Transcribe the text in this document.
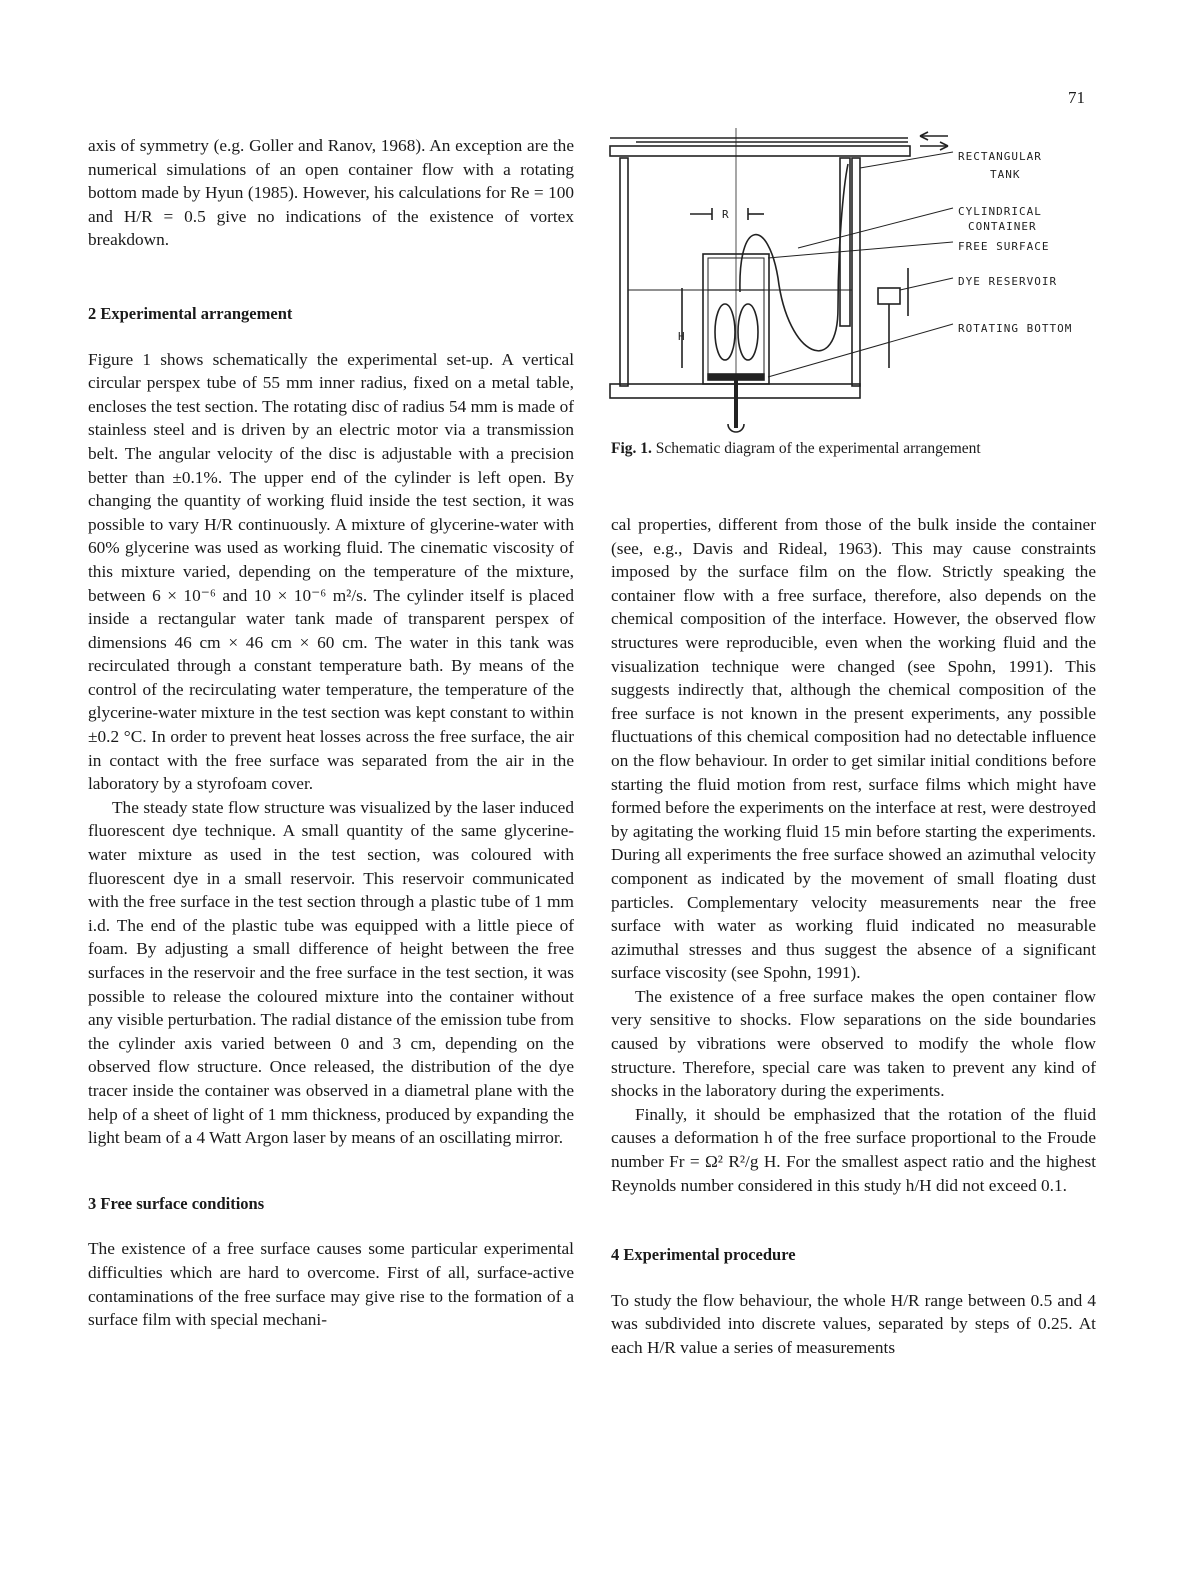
71

axis of symmetry (e.g. Goller and Ranov, 1968). An exception are the numerical simulations of an open container flow with a rotating bottom made by Hyun (1985). However, his calculations for Re = 100 and H/R = 0.5 give no indications of the existence of vortex breakdown.

2 Experimental arrangement

Figure 1 shows schematically the experimental set-up. A vertical circular perspex tube of 55 mm inner radius, fixed on a metal table, encloses the test section. The rotating disc of radius 54 mm is made of stainless steel and is driven by an electric motor via a transmission belt. The angular velocity of the disc is adjustable with a precision better than ±0.1%. The upper end of the cylinder is left open. By changing the quantity of working fluid inside the test section, it was possible to vary H/R continuously. A mixture of glycerine-water with 60% glycerine was used as working fluid. The cinematic viscosity of this mixture varied, depending on the temperature of the mixture, between 6 × 10⁻⁶ and 10 × 10⁻⁶ m²/s. The cylinder itself is placed inside a rectangular water tank made of transparent perspex of dimensions 46 cm × 46 cm × 60 cm. The water in this tank was recirculated through a constant temperature bath. By means of the control of the recirculating water temperature, the temperature of the glycerine-water mixture in the test section was kept constant to within ±0.2 °C. In order to prevent heat losses across the free surface, the air in contact with the free surface was separated from the air in the laboratory by a styrofoam cover.

The steady state flow structure was visualized by the laser induced fluorescent dye technique. A small quantity of the same glycerine-water mixture as used in the test section, was coloured with fluorescent dye in a small reservoir. This reservoir communicated with the free surface in the test section through a plastic tube of 1 mm i.d. The end of the plastic tube was equipped with a little piece of foam. By adjusting a small difference of height between the free surfaces in the reservoir and the free surface in the test section, it was possible to release the coloured mixture into the container without any visible perturbation. The radial distance of the emission tube from the cylinder axis varied between 0 and 3 cm, depending on the observed flow structure. Once released, the distribution of the dye tracer inside the container was observed in a diametral plane with the help of a sheet of light of 1 mm thickness, produced by expanding the light beam of a 4 Watt Argon laser by means of an oscillating mirror.

3 Free surface conditions

The existence of a free surface causes some particular experimental difficulties which are hard to overcome. First of all, surface-active contaminations of the free surface may give rise to the formation of a surface film with special mechani-

RECTANGULAR
TANK
CYLINDRICAL
CONTAINER
FREE SURFACE
DYE RESERVOIR
ROTATING BOTTOM
R
H
Fig. 1. Schematic diagram of the experimental arrangement

cal properties, different from those of the bulk inside the container (see, e.g., Davis and Rideal, 1963). This may cause constraints imposed by the surface film on the flow. Strictly speaking the container flow with a free surface, therefore, also depends on the chemical composition of the interface. However, the observed flow structures were reproducible, even when the working fluid and the visualization technique were changed (see Spohn, 1991). This suggests indirectly that, although the chemical composition of the free surface is not known in the present experiments, any possible fluctuations of this chemical composition had no detectable influence on the flow behaviour. In order to get similar initial conditions before starting the fluid motion from rest, surface films which might have formed before the experiments on the interface at rest, were destroyed by agitating the working fluid 15 min before starting the experiments. During all experiments the free surface showed an azimuthal velocity component as indicated by the movement of small floating dust particles. Complementary velocity measurements near the free surface with water as working fluid indicated no measurable azimuthal stresses and thus suggest the absence of a significant surface viscosity (see Spohn, 1991).

The existence of a free surface makes the open container flow very sensitive to shocks. Flow separations on the side boundaries caused by vibrations were observed to modify the whole flow structure. Therefore, special care was taken to prevent any kind of shocks in the laboratory during the experiments.

Finally, it should be emphasized that the rotation of the fluid causes a deformation h of the free surface proportional to the Froude number Fr = Ω² R²/g H. For the smallest aspect ratio and the highest Reynolds number considered in this study h/H did not exceed 0.1.

4 Experimental procedure

To study the flow behaviour, the whole H/R range between 0.5 and 4 was subdivided into discrete values, separated by steps of 0.25. At each H/R value a series of measurements
